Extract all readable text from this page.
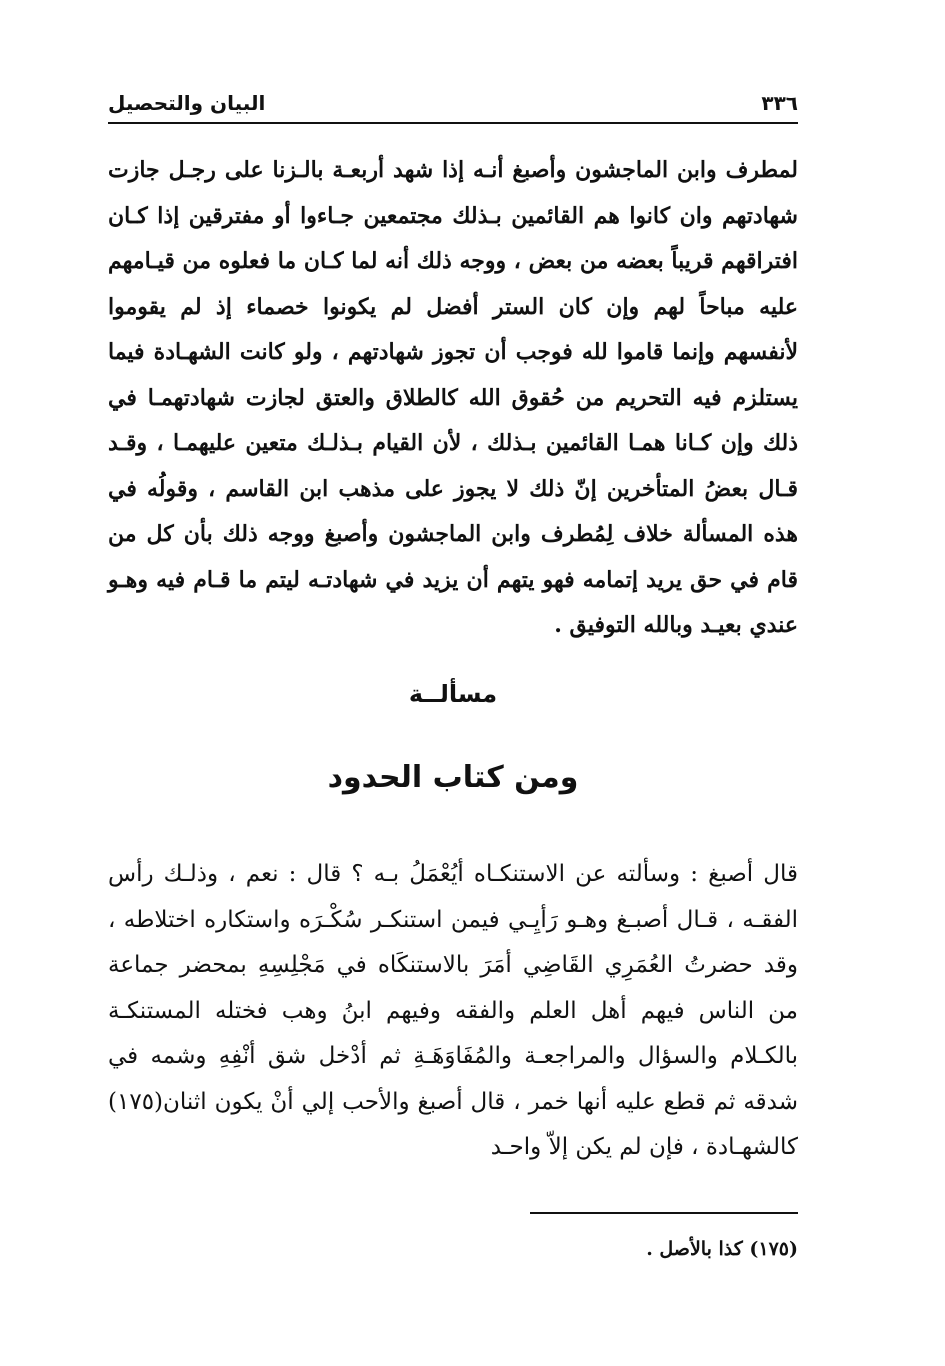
٣٣٦
البيان والتحصيل

لمطرف وابن الماجشون وأصبغ أنـه إذا شهد أربعـة بالـزنا على رجـل جازت شهادتهم وان كانوا هم القائمين بـذلك مجتمعين جـاءوا أو مفترقين إذا كـان افتراقهم قريباً بعضه من بعض ، ووجه ذلك أنه لما كـان ما فعلوه من قيـامهم عليه مباحاً لهم وإن كان الستر أفضل لم يكونوا خصماء إذ لم يقوموا لأنفسهم وإنما قاموا لله فوجب أن تجوز شهادتهم ، ولو كانت الشهـادة فيما يستلزم فيه التحريم من حُقوق الله كالطلاق والعتق لجازت شهادتهمـا في ذلك وإن كـانا همـا القائمين بـذلك ، لأن القيام بـذلـك متعين عليهمـا ، وقـد قـال بعضُ المتأخرين إنّ ذلك لا يجوز على مذهب ابن القاسم ، وقولُه في هذه المسألة خلاف لِمُطرف وابن الماجشون وأصبغ ووجه ذلك بأن كل من قام في حق يريد إتمامه فهو يتهم أن يزيد في شهادتـه ليتم ما قـام فيه وهـو عندي بعيـد وبالله التوفيق .

مسألــة
ومن كتاب الحدود

قال أصبغ : وسألته عن الاستنكـاه أيُعْمَلُ بـه ؟ قال : نعم ، وذلـك رأس الفقـه ، قـال أصبـغ وهـو رَأيِـي فيمن استنكـر سُكْـرَه واستكاره اختلاطه ، وقد حضرتُ العُمَرِي القَاضِي أمَرَ بالاستنكَاه في مَجْلِسِهِ بمحضر جماعة من الناس فيهم أهل العلم والفقه وفيهم ابنُ وهب فختله المستنكـة بالكـلام والسؤال والمراجعـة والمُفَاوَهَـةِ ثم أدْخل شق أنْفِهِ وشمه في شدقه ثم قطع عليه أنها خمر ، قال أصبغ والأحب إلي أنْ يكون اثنان(١٧٥) كالشهـادة ، فإن لم يكن إلاّ واحـد

(١٧٥) كذا بالأصل .
